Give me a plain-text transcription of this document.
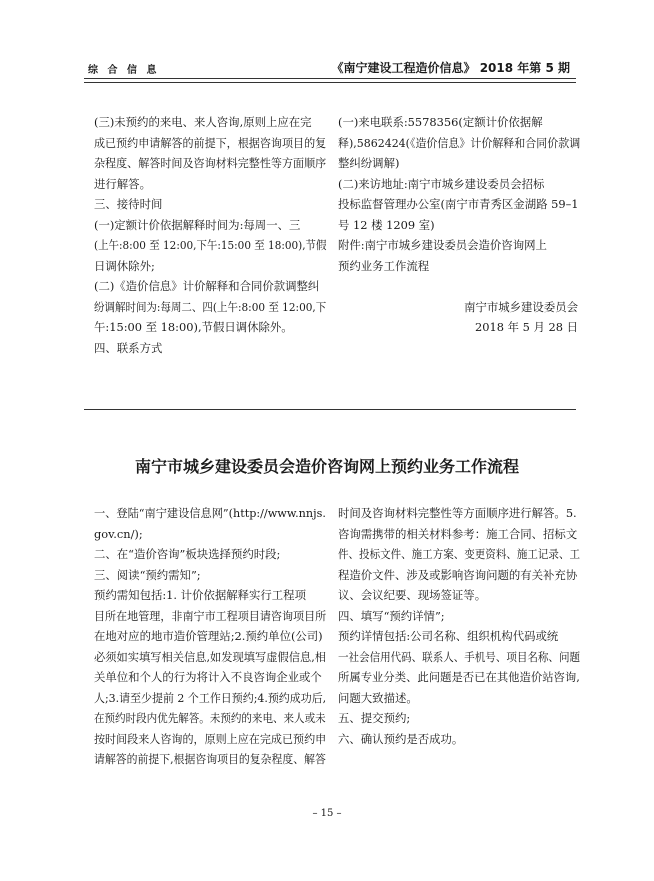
综 合 信 息	《南宁建设工程造价信息》 2018 年第 5 期

(三)未预约的来电、来人咨询,原则上应在完

成已预约申请解答的前提下，根据咨询项目的复

杂程度、解答时间及咨询材料完整性等方面顺序

进行解答。

三、接待时间

(一)定额计价依据解释时间为:每周一、三

(上午:8:00 至 12:00,下午:15:00 至 18:00),节假

日调休除外;

(二)《造价信息》计价解释和合同价款调整纠

纷调解时间为:每周二、四(上午:8:00 至 12:00,下

午:15:00 至 18:00),节假日调休除外。

四、联系方式

(一)来电联系:5578356(定额计价依据解

释),5862424(《造价信息》计价解释和合同价款调

整纠纷调解)

(二)来访地址:南宁市城乡建设委员会招标

投标监督管理办公室(南宁市青秀区金湖路 59–1

号 12 楼 1209 室)

附件:南宁市城乡建设委员会造价咨询网上

预约业务工作流程

南宁市城乡建设委员会

2018 年 5 月 28 日

南宁市城乡建设委员会造价咨询网上预约业务工作流程

一、登陆“南宁建设信息网”(http://www.nnjs.

gov.cn/);

二、在“造价咨询”板块选择预约时段;

三、阅读“预约需知”;

预约需知包括:1. 计价依据解释实行工程项

目所在地管理，非南宁市工程项目请咨询项目所

在地对应的地市造价管理站;2.预约单位(公司)

必须如实填写相关信息,如发现填写虚假信息,相

关单位和个人的行为将计入不良咨询企业或个

人;3.请至少提前 2 个工作日预约;4.预约成功后,

在预约时段内优先解答。未预约的来电、来人或未

按时间段来人咨询的，原则上应在完成已预约申

请解答的前提下,根据咨询项目的复杂程度、解答

时间及咨询材料完整性等方面顺序进行解答。5.

咨询需携带的相关材料参考：施工合同、招标文

件、投标文件、施工方案、变更资料、施工记录、工

程造价文件、涉及或影响咨询问题的有关补充协

议、会议纪要、现场签证等。

四、填写“预约详情”;

预约详情包括:公司名称、组织机构代码或统

一社会信用代码、联系人、手机号、项目名称、问题

所属专业分类、此问题是否已在其他造价站咨询,

问题大致描述。

五、提交预约;

六、确认预约是否成功。

– 15 –
